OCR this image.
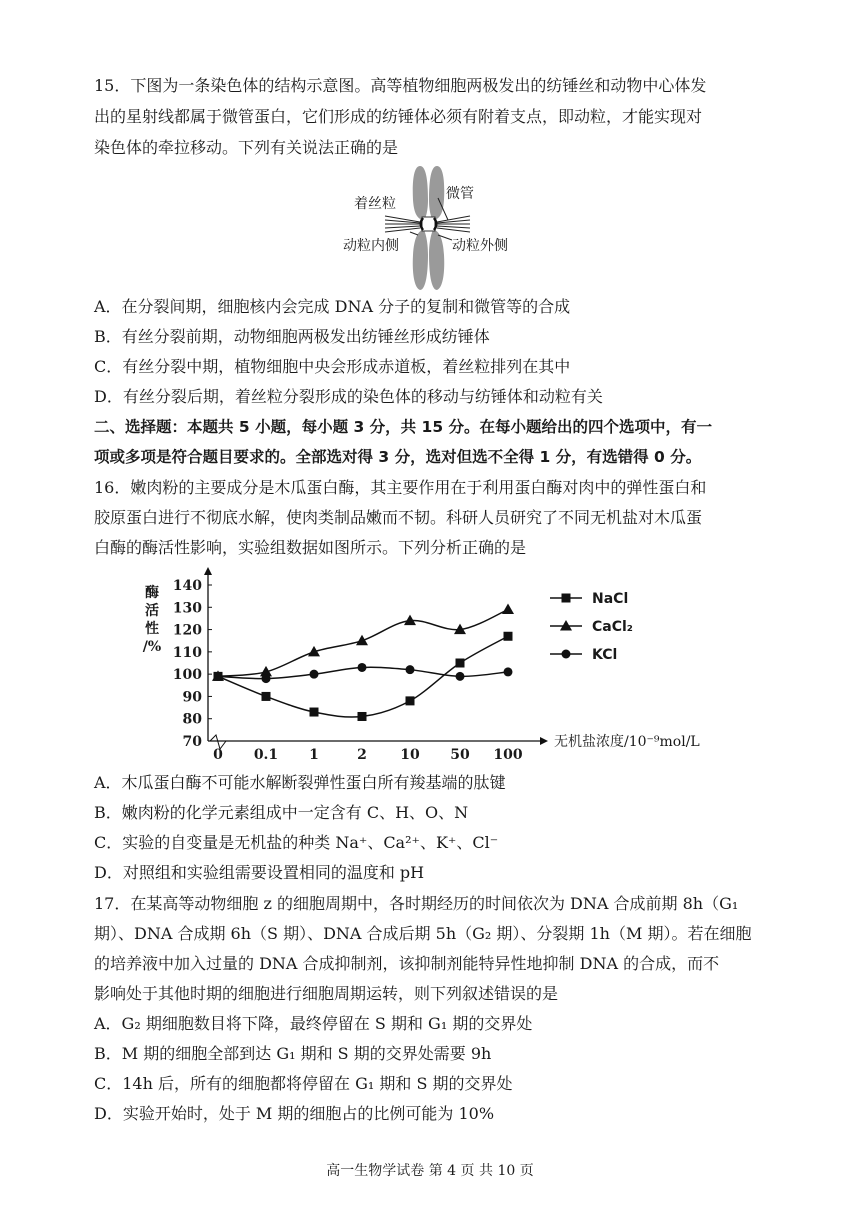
15．下图为一条染色体的结构示意图。高等植物细胞两极发出的纺锤丝和动物中心体发
出的星射线都属于微管蛋白，它们形成的纺锤体必须有附着支点，即动粒，才能实现对
染色体的牵拉移动。下列有关说法正确的是
着丝粒
微管
动粒内侧	动粒外侧
A．在分裂间期，细胞核内会完成 DNA 分子的复制和微管等的合成
B．有丝分裂前期，动物细胞两极发出纺锤丝形成纺锤体
C．有丝分裂中期，植物细胞中央会形成赤道板，着丝粒排列在其中
D．有丝分裂后期，着丝粒分裂形成的染色体的移动与纺锤体和动粒有关
二、选择题：本题共 5 小题，每小题 3 分，共 15 分。在每小题给出的四个选项中，有一
项或多项是符合题目要求的。全部选对得 3 分，选对但选不全得 1 分，有选错得 0 分。
16．嫩肉粉的主要成分是木瓜蛋白酶，其主要作用在于利用蛋白酶对肉中的弹性蛋白和
胶原蛋白进行不彻底水解，使肉类制品嫩而不韧。科研人员研究了不同无机盐对木瓜蛋
白酶的酶活性影响，实验组数据如图所示。下列分析正确的是
酶
活
性
/%
70
80
90
100
110
120
130
140
0 0.1 1	2 10 50 100
NaCl
CaCl₂
KCl
无机盐浓度/10⁻⁹mol/L
A．木瓜蛋白酶不可能水解断裂弹性蛋白所有羧基端的肽键
B．嫩肉粉的化学元素组成中一定含有 C、H、O、N
C．实验的自变量是无机盐的种类 Na⁺、Ca²⁺、K⁺、Cl⁻
D．对照组和实验组需要设置相同的温度和 pH
17．在某高等动物细胞 z 的细胞周期中，各时期经历的时间依次为 DNA 合成前期 8h（G₁
期）、DNA 合成期 6h（S 期）、DNA 合成后期 5h（G₂ 期）、分裂期 1h（M 期）。若在细胞
的培养液中加入过量的 DNA 合成抑制剂，该抑制剂能特异性地抑制 DNA 的合成，而不
影响处于其他时期的细胞进行细胞周期运转，则下列叙述错误的是
A．G₂ 期细胞数目将下降，最终停留在 S 期和 G₁ 期的交界处
B．M 期的细胞全部到达 G₁ 期和 S 期的交界处需要 9h
C．14h 后，所有的细胞都将停留在 G₁ 期和 S 期的交界处
D．实验开始时，处于 M 期的细胞占的比例可能为 10%
高一生物学试卷 第 4 页 共 10 页
